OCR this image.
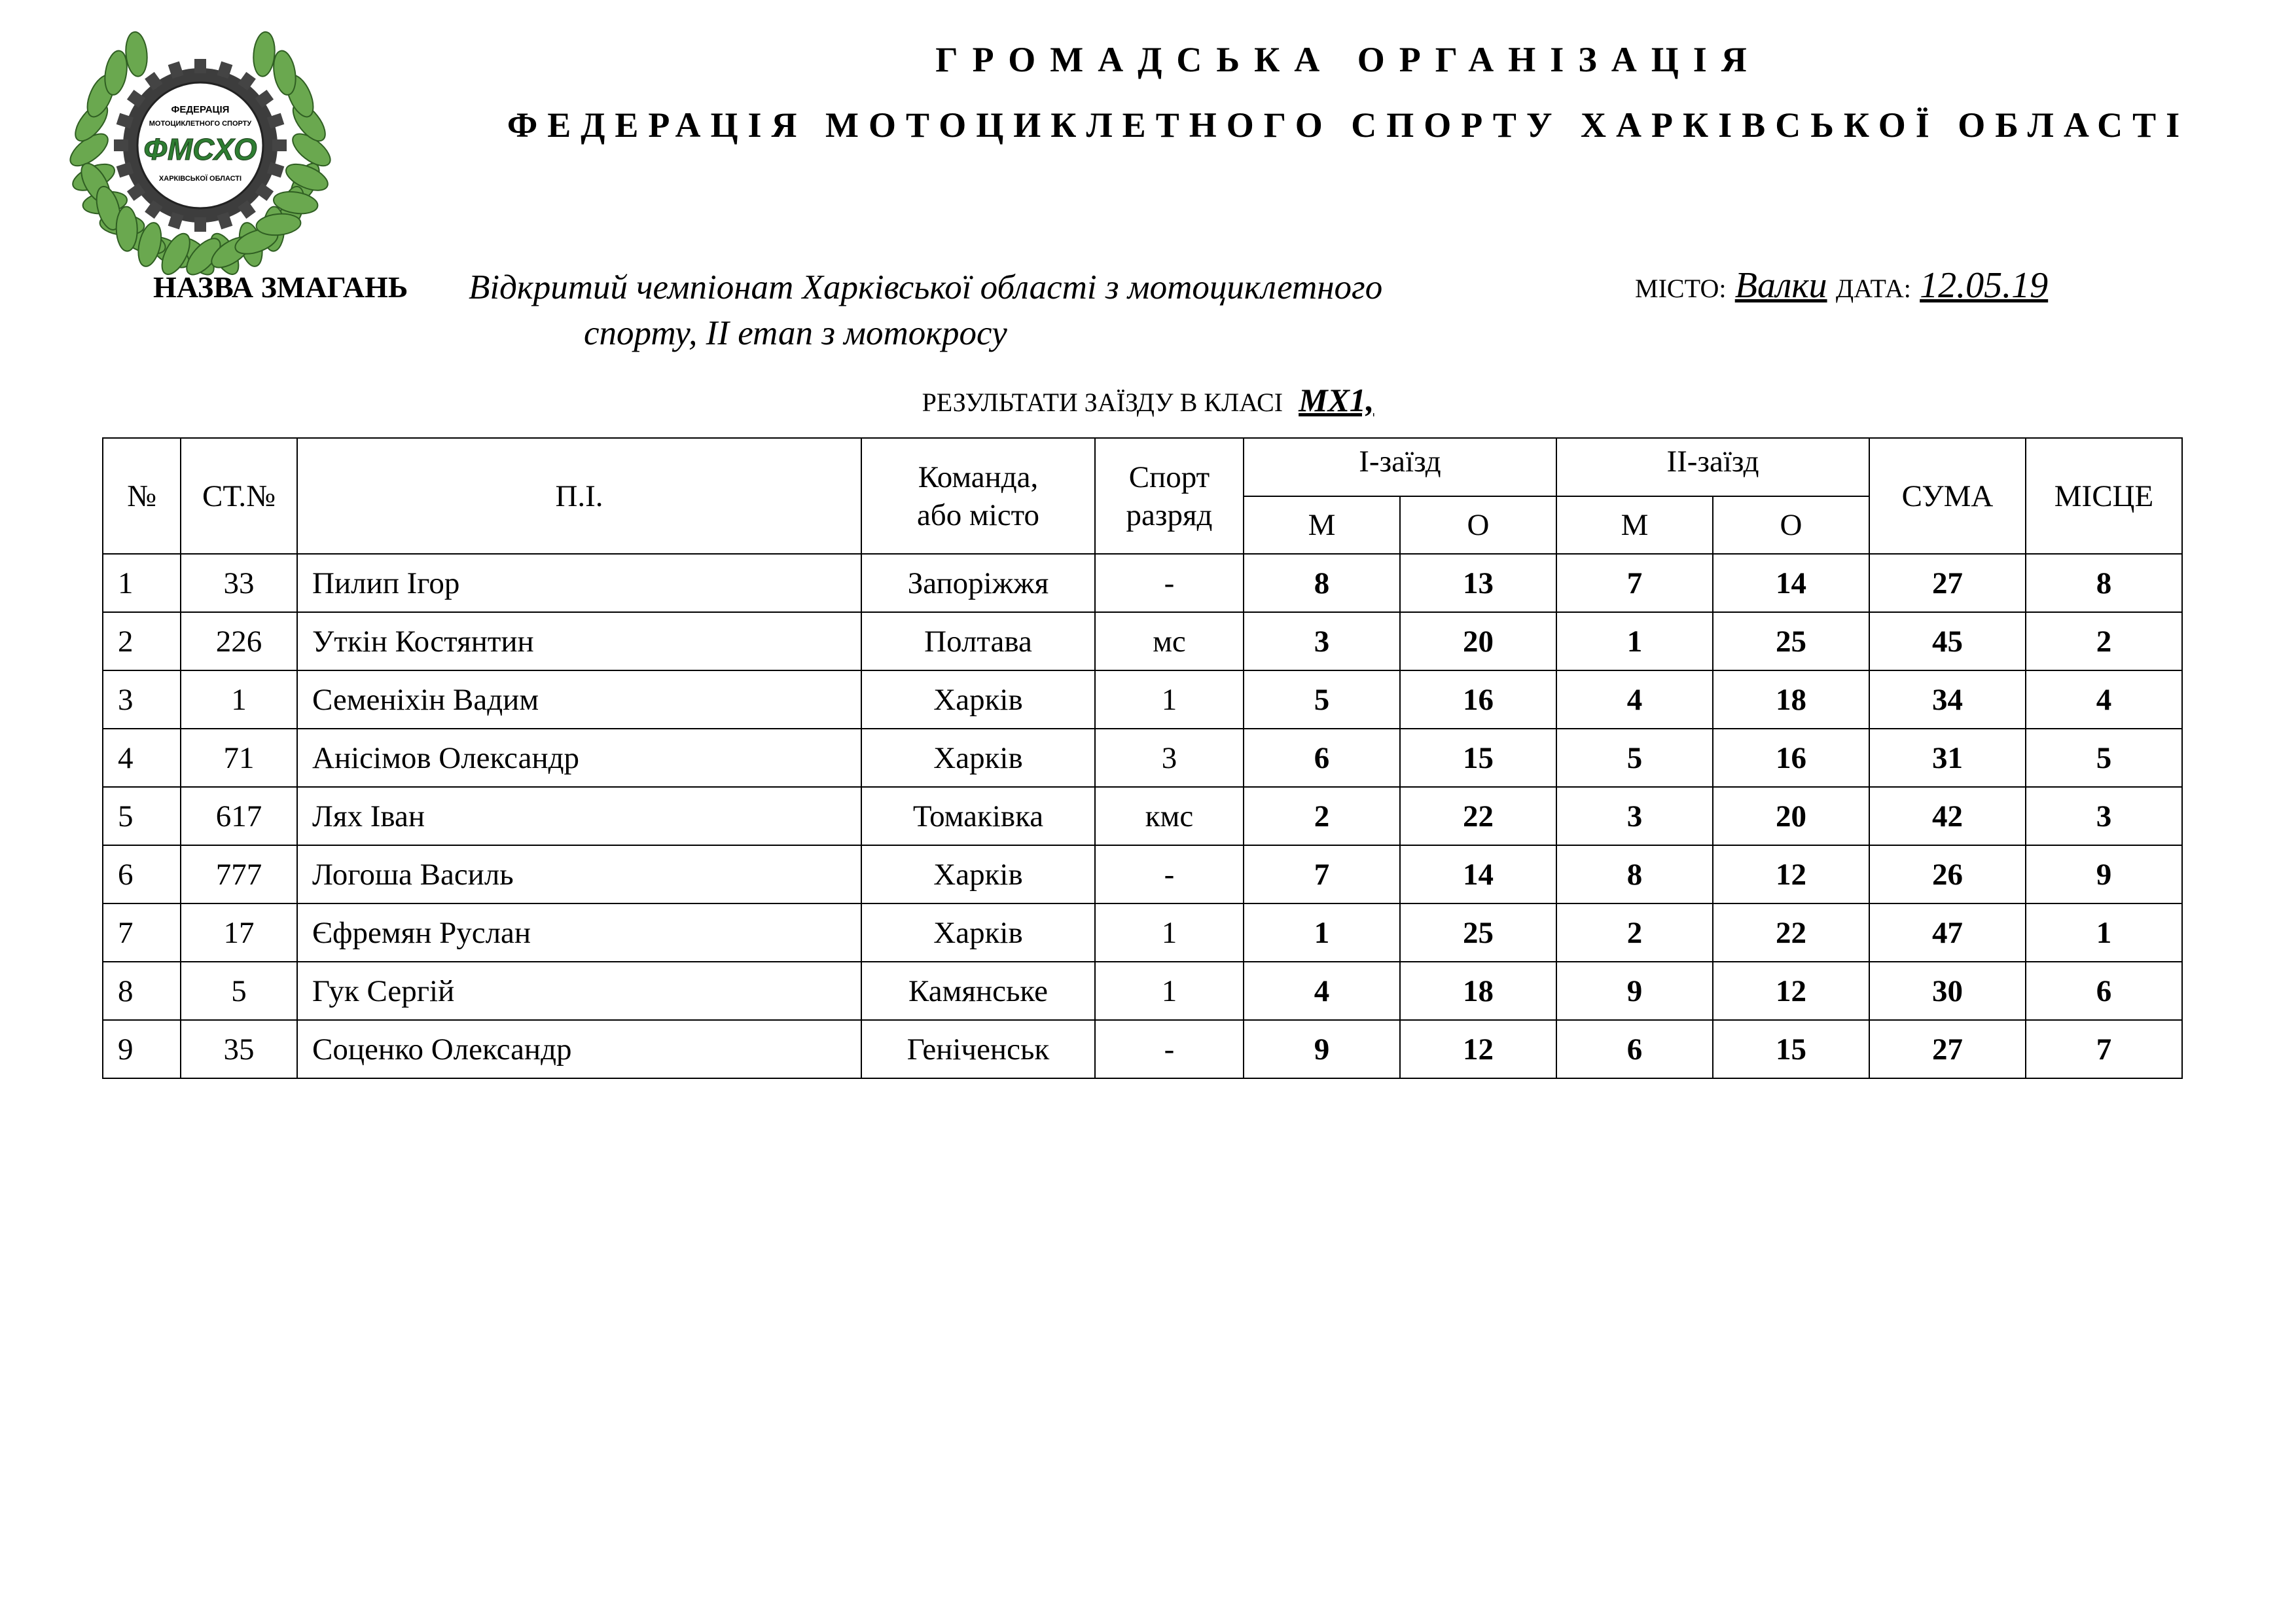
ФЕДЕРАЦІЯ
МОТОЦИКЛЕТНОГО СПОРТУ
ФМСХО
ХАРКІВСЬКОЇ ОБЛАСТІ
ГРОМАДСЬКА ОРГАНІЗАЦІЯ
ФЕДЕРАЦІЯ МОТОЦИКЛЕТНОГО СПОРТУ ХАРКІВСЬКОЇ ОБЛАСТІ
НАЗВА ЗМАГАНЬ Відкритий чемпіонат Харківської області з мотоциклетного
спорту, ІІ етап з мотокросу
МІСТО: Валки ДАТА: 12.05.19
РЕЗУЛЬТАТИ ЗАЇЗДУ В КЛАСІ МХ1,
№	СТ.№	П.І.	Команда,
або місто	Спорт
разряд	І-заїзд		ІІ-заїзд		СУМА	МІСЦЕ
					М	О	М	О		
1	33	Пилип Ігор	Запоріжжя	-	8	13	7	14	27	8
2	226	Уткін Костянтин	Полтава	мс	3	20	1	25	45	2
3	1	Семеніхін Вадим	Харків	1	5	16	4	18	34	4
4	71	Анісімов Олександр	Харків	3	6	15	5	16	31	5
5	617	Лях Іван	Томаківка	кмс	2	22	3	20	42	3
6	777	Логоша Василь	Харків	-	7	14	8	12	26	9
7	17	Єфремян Руслан	Харків	1	1	25	2	22	47	1
8	5	Гук Сергій	Камянське	1	4	18	9	12	30	6
9	35	Соценко Олександр	Геніченськ	-	9	12	6	15	27	7
